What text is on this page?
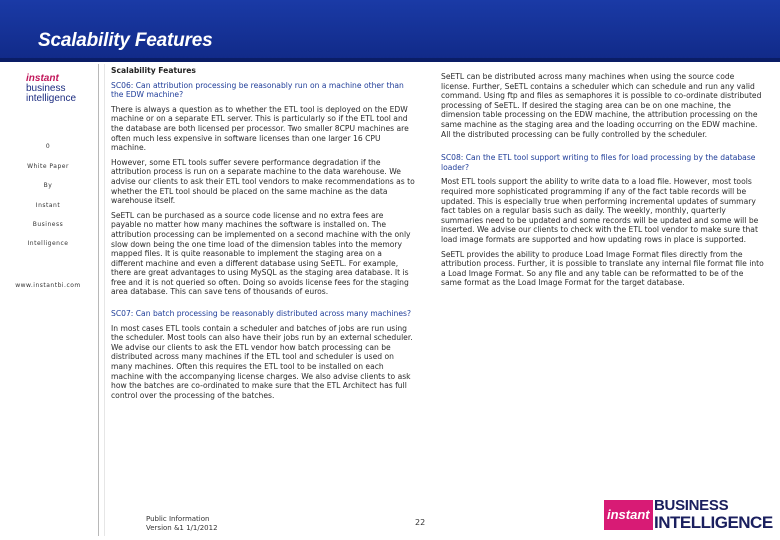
Scalability Features
instant
business
intelligence
0
White Paper
By
Instant
Business
Intelligence
www.instantbi.com

Scalability Features

SC06: Can attribution processing be reasonably run on a machine other than the EDW machine?

There is always a question as to whether the ETL tool is deployed on the EDW machine or on a separate ETL server. This is particularly so if the ETL tool and the database are both licensed per processor. Two smaller 8CPU machines are often much less expensive in software licenses than one larger 16 CPU machine.

However, some ETL tools suffer severe performance degradation if the attribution process is run on a separate machine to the data warehouse. We advise our clients to ask their ETL tool vendors to make recommendations as to whether the ETL tool should be placed on the same machine as the data warehouse itself.

SeETL can be purchased as a source code license and no extra fees are payable no matter how many machines the software is installed on. The attribution processing can be implemented on a second machine with the only slow down being the one time load of the dimension tables into the memory mapped files. It is quite reasonable to implement the staging area on a different machine and even a different database using SeETL. For example, there are great advantages to using MySQL as the staging area database. It is free and it is not queried so often. Doing so avoids license fees for the staging area database. This can save tens of thousands of euros.

SC07: Can batch processing be reasonably distributed across many machines?

In most cases ETL tools contain a scheduler and batches of jobs are run using the scheduler. Most tools can also have their jobs run by an external scheduler. We advise our clients to ask the ETL vendor how batch processing can be distributed across many machines if the ETL tool and scheduler is used on many machines. Often this requires the ETL tool to be installed on each machine with the accompanying license charges. We also advise clients to ask how the batches are co-ordinated to make sure that the ETL Architect has full control over the processing of the batches.

SeETL can be distributed across many machines when using the source code license. Further, SeETL contains a scheduler which can schedule and run any valid command. Using ftp and files as semaphores it is possible to co-ordinate distributed processing of SeETL. If desired the staging area can be on one machine, the dimension table processing on the EDW machine, the attribution processing on the same machine as the staging area and the loading occurring on the EDW machine. All the distributed processing can be fully controlled by the scheduler.

SC08: Can the ETL tool support writing to files for load processing by the database loader?

Most ETL tools support the ability to write data to a load file. However, most tools required more sophisticated programming if any of the fact table records will be updated. This is especially true when performing incremental updates of summary fact tables on a regular basis such as daily. The weekly, monthly, quarterly summaries need to be updated and some records will be updated and some will be inserted. We advise our clients to check with the ETL tool vendor to make sure that load image formats are supported and how updating rows in place is supported.

SeETL provides the ability to produce Load Image Format files directly from the attribution process. Further, it is possible to translate any internal file format file into a Load Image Format. So any file and any table can be reformatted to be of the same format as the Load Image Format for the target database.

Public Information
Version &1 1/1/2012
22
instant
BUSINESS
INTELLIGENCE
